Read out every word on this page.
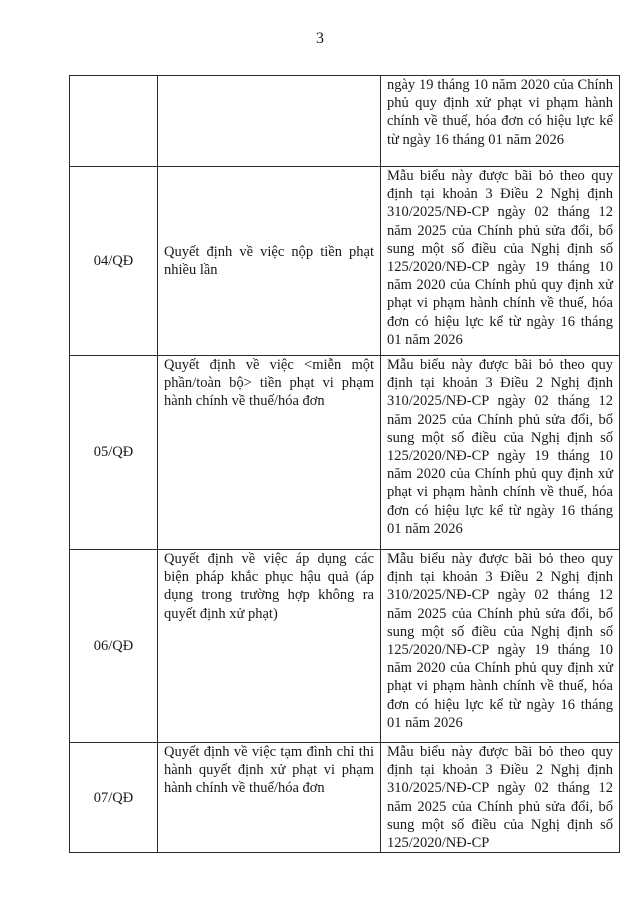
3

		ngày 19 tháng 10 năm 2020 của Chính phủ quy định xử phạt vi phạm hành chính về thuế, hóa đơn có hiệu lực kể từ ngày 16 tháng 01 năm 2026

04/QĐ	Quyết định về việc nộp tiền phạt nhiều lần	Mẫu biểu này được bãi bỏ theo quy định tại khoản 3 Điều 2 Nghị định 310/2025/NĐ-CP ngày 02 tháng 12 năm 2025 của Chính phủ sửa đổi, bổ sung một số điều của Nghị định số 125/2020/NĐ-CP ngày 19 tháng 10 năm 2020 của Chính phủ quy định xử phạt vi phạm hành chính về thuế, hóa đơn có hiệu lực kể từ ngày 16 tháng 01 năm 2026

05/QĐ	Quyết định về việc <miễn một phần/toàn bộ> tiền phạt vi phạm hành chính về thuế/hóa đơn	Mẫu biểu này được bãi bỏ theo quy định tại khoản 3 Điều 2 Nghị định 310/2025/NĐ-CP ngày 02 tháng 12 năm 2025 của Chính phủ sửa đổi, bổ sung một số điều của Nghị định số 125/2020/NĐ-CP ngày 19 tháng 10 năm 2020 của Chính phủ quy định xử phạt vi phạm hành chính về thuế, hóa đơn có hiệu lực kể từ ngày 16 tháng 01 năm 2026

06/QĐ	Quyết định về việc áp dụng các biện pháp khắc phục hậu quả (áp dụng trong trường hợp không ra quyết định xử phạt)	Mẫu biểu này được bãi bỏ theo quy định tại khoản 3 Điều 2 Nghị định 310/2025/NĐ-CP ngày 02 tháng 12 năm 2025 của Chính phủ sửa đổi, bổ sung một số điều của Nghị định số 125/2020/NĐ-CP ngày 19 tháng 10 năm 2020 của Chính phủ quy định xử phạt vi phạm hành chính về thuế, hóa đơn có hiệu lực kể từ ngày 16 tháng 01 năm 2026

07/QĐ	Quyết định về việc tạm đình chỉ thi hành quyết định xử phạt vi phạm hành chính về thuế/hóa đơn	Mẫu biểu này được bãi bỏ theo quy định tại khoản 3 Điều 2 Nghị định 310/2025/NĐ-CP ngày 02 tháng 12 năm 2025 của Chính phủ sửa đổi, bổ sung một số điều của Nghị định số 125/2020/NĐ-CP
